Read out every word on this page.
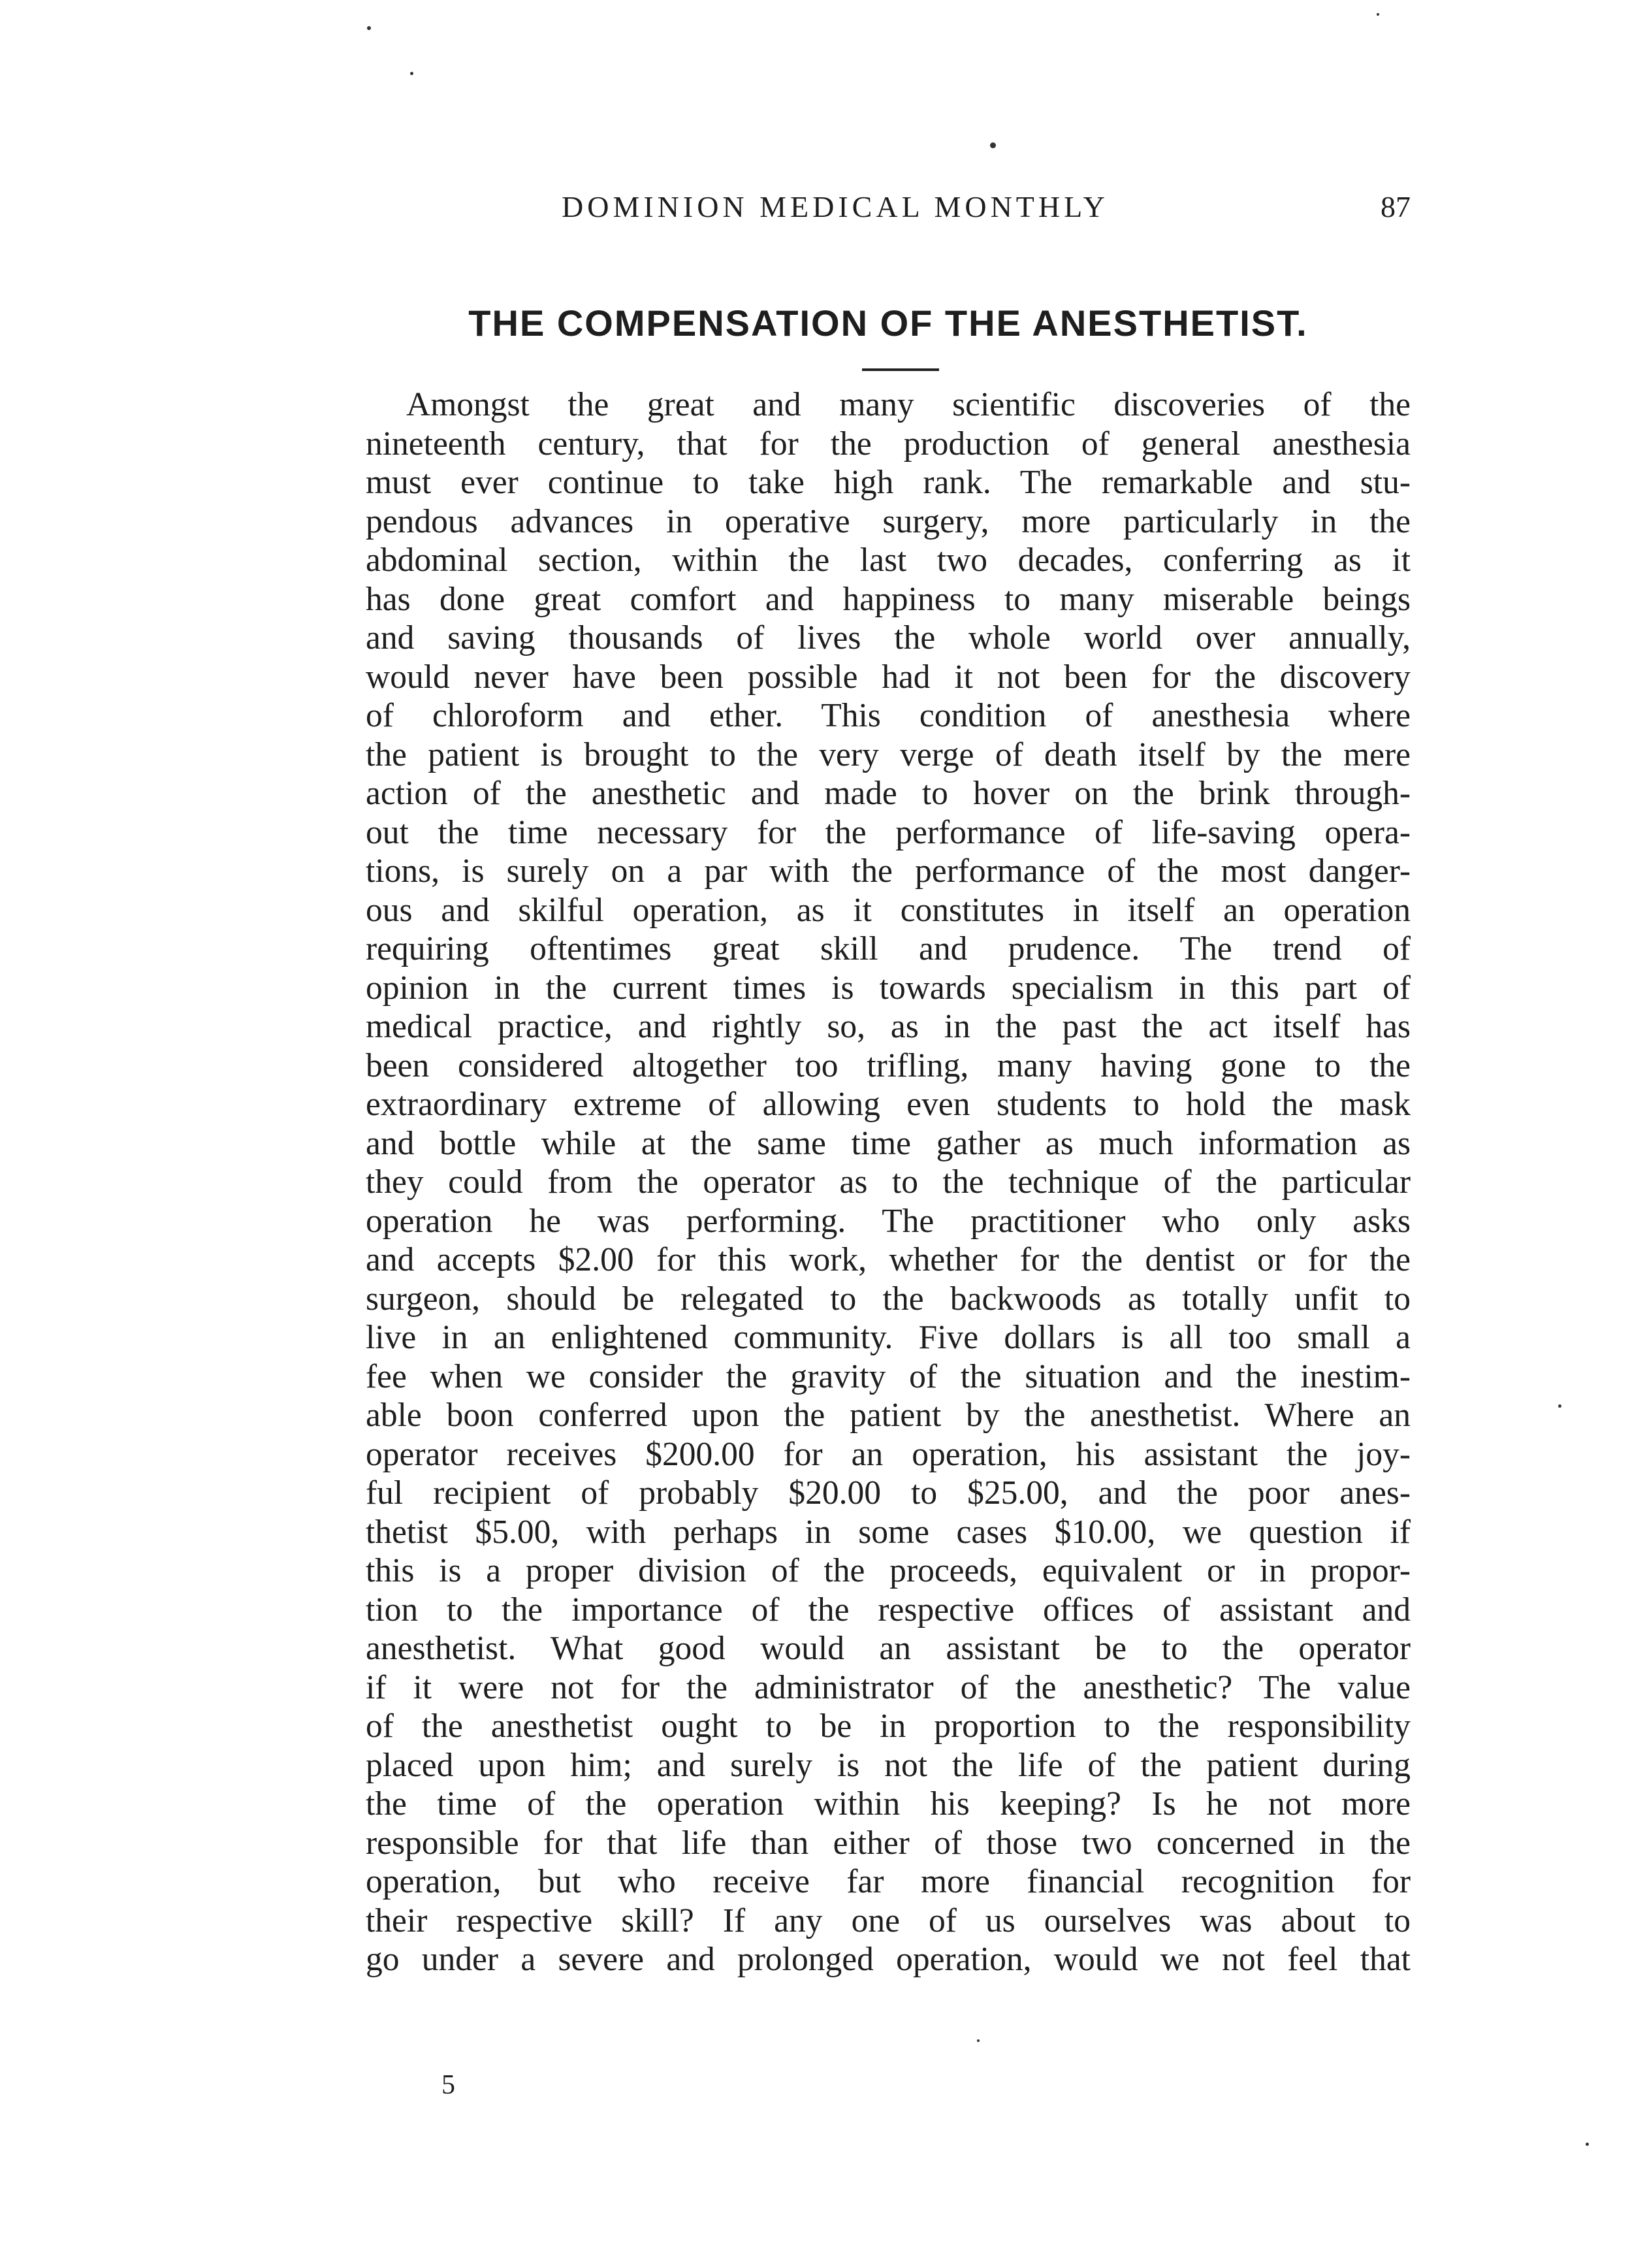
DOMINION MEDICAL MONTHLY	87
THE COMPENSATION OF THE ANESTHETIST.
Amongst the great and many scientific discoveries of the
nineteenth century, that for the production of general anesthesia
must ever continue to take high rank. The remarkable and stu-
pendous advances in operative surgery, more particularly in the
abdominal section, within the last two decades, conferring as it
has done great comfort and happiness to many miserable beings
and saving thousands of lives the whole world over annually,
would never have been possible had it not been for the discovery
of chloroform and ether. This condition of anesthesia where
the patient is brought to the very verge of death itself by the mere
action of the anesthetic and made to hover on the brink through-
out the time necessary for the performance of life-saving opera-
tions, is surely on a par with the performance of the most danger-
ous and skilful operation, as it constitutes in itself an operation
requiring oftentimes great skill and prudence. The trend of
opinion in the current times is towards specialism in this part of
medical practice, and rightly so, as in the past the act itself has
been considered altogether too trifling, many having gone to the
extraordinary extreme of allowing even students to hold the mask
and bottle while at the same time gather as much information as
they could from the operator as to the technique of the particular
operation he was performing. The practitioner who only asks
and accepts $2.00 for this work, whether for the dentist or for the
surgeon, should be relegated to the backwoods as totally unfit to
live in an enlightened community. Five dollars is all too small a
fee when we consider the gravity of the situation and the inestim-
able boon conferred upon the patient by the anesthetist. Where an
operator receives $200.00 for an operation, his assistant the joy-
ful recipient of probably $20.00 to $25.00, and the poor anes-
thetist $5.00, with perhaps in some cases $10.00, we question if
this is a proper division of the proceeds, equivalent or in propor-
tion to the importance of the respective offices of assistant and
anesthetist. What good would an assistant be to the operator
if it were not for the administrator of the anesthetic? The value
of the anesthetist ought to be in proportion to the responsibility
placed upon him; and surely is not the life of the patient during
the time of the operation within his keeping? Is he not more
responsible for that life than either of those two concerned in the
operation, but who receive far more financial recognition for
their respective skill? If any one of us ourselves was about to
go under a severe and prolonged operation, would we not feel that
5
